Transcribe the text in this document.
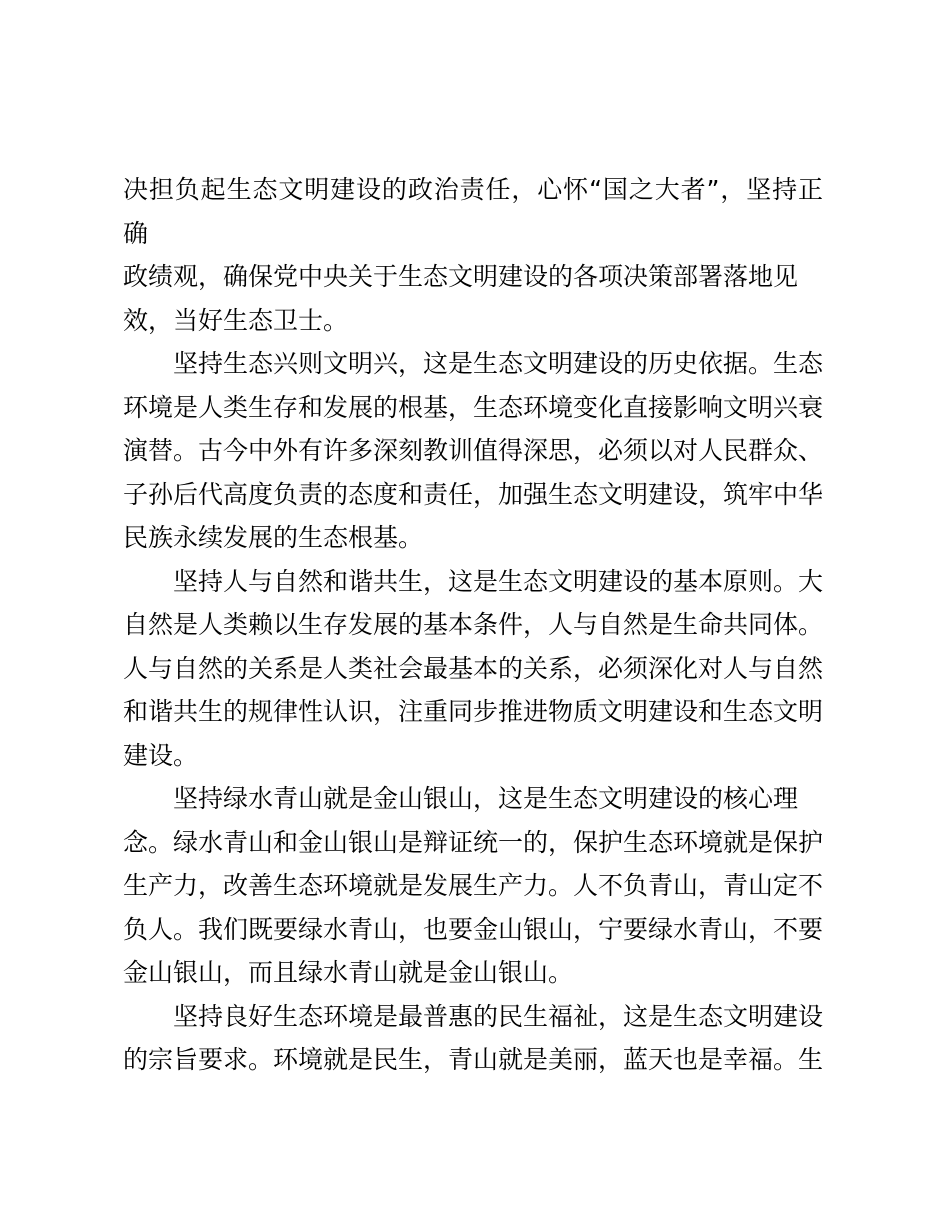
决担负起生态文明建设的政治责任，心怀“国之大者”，坚持正确
政绩观，确保党中央关于生态文明建设的各项决策部署落地见
效，当好生态卫士。

坚持生态兴则文明兴，这是生态文明建设的历史依据。生态
环境是人类生存和发展的根基，生态环境变化直接影响文明兴衰
演替。古今中外有许多深刻教训值得深思，必须以对人民群众、
子孙后代高度负责的态度和责任，加强生态文明建设，筑牢中华
民族永续发展的生态根基。

坚持人与自然和谐共生，这是生态文明建设的基本原则。大
自然是人类赖以生存发展的基本条件，人与自然是生命共同体。
人与自然的关系是人类社会最基本的关系，必须深化对人与自然
和谐共生的规律性认识，注重同步推进物质文明建设和生态文明
建设。

坚持绿水青山就是金山银山，这是生态文明建设的核心理
念。绿水青山和金山银山是辩证统一的，保护生态环境就是保护
生产力，改善生态环境就是发展生产力。人不负青山，青山定不
负人。我们既要绿水青山，也要金山银山，宁要绿水青山，不要
金山银山，而且绿水青山就是金山银山。

坚持良好生态环境是最普惠的民生福祉，这是生态文明建设
的宗旨要求。环境就是民生，青山就是美丽，蓝天也是幸福。生
